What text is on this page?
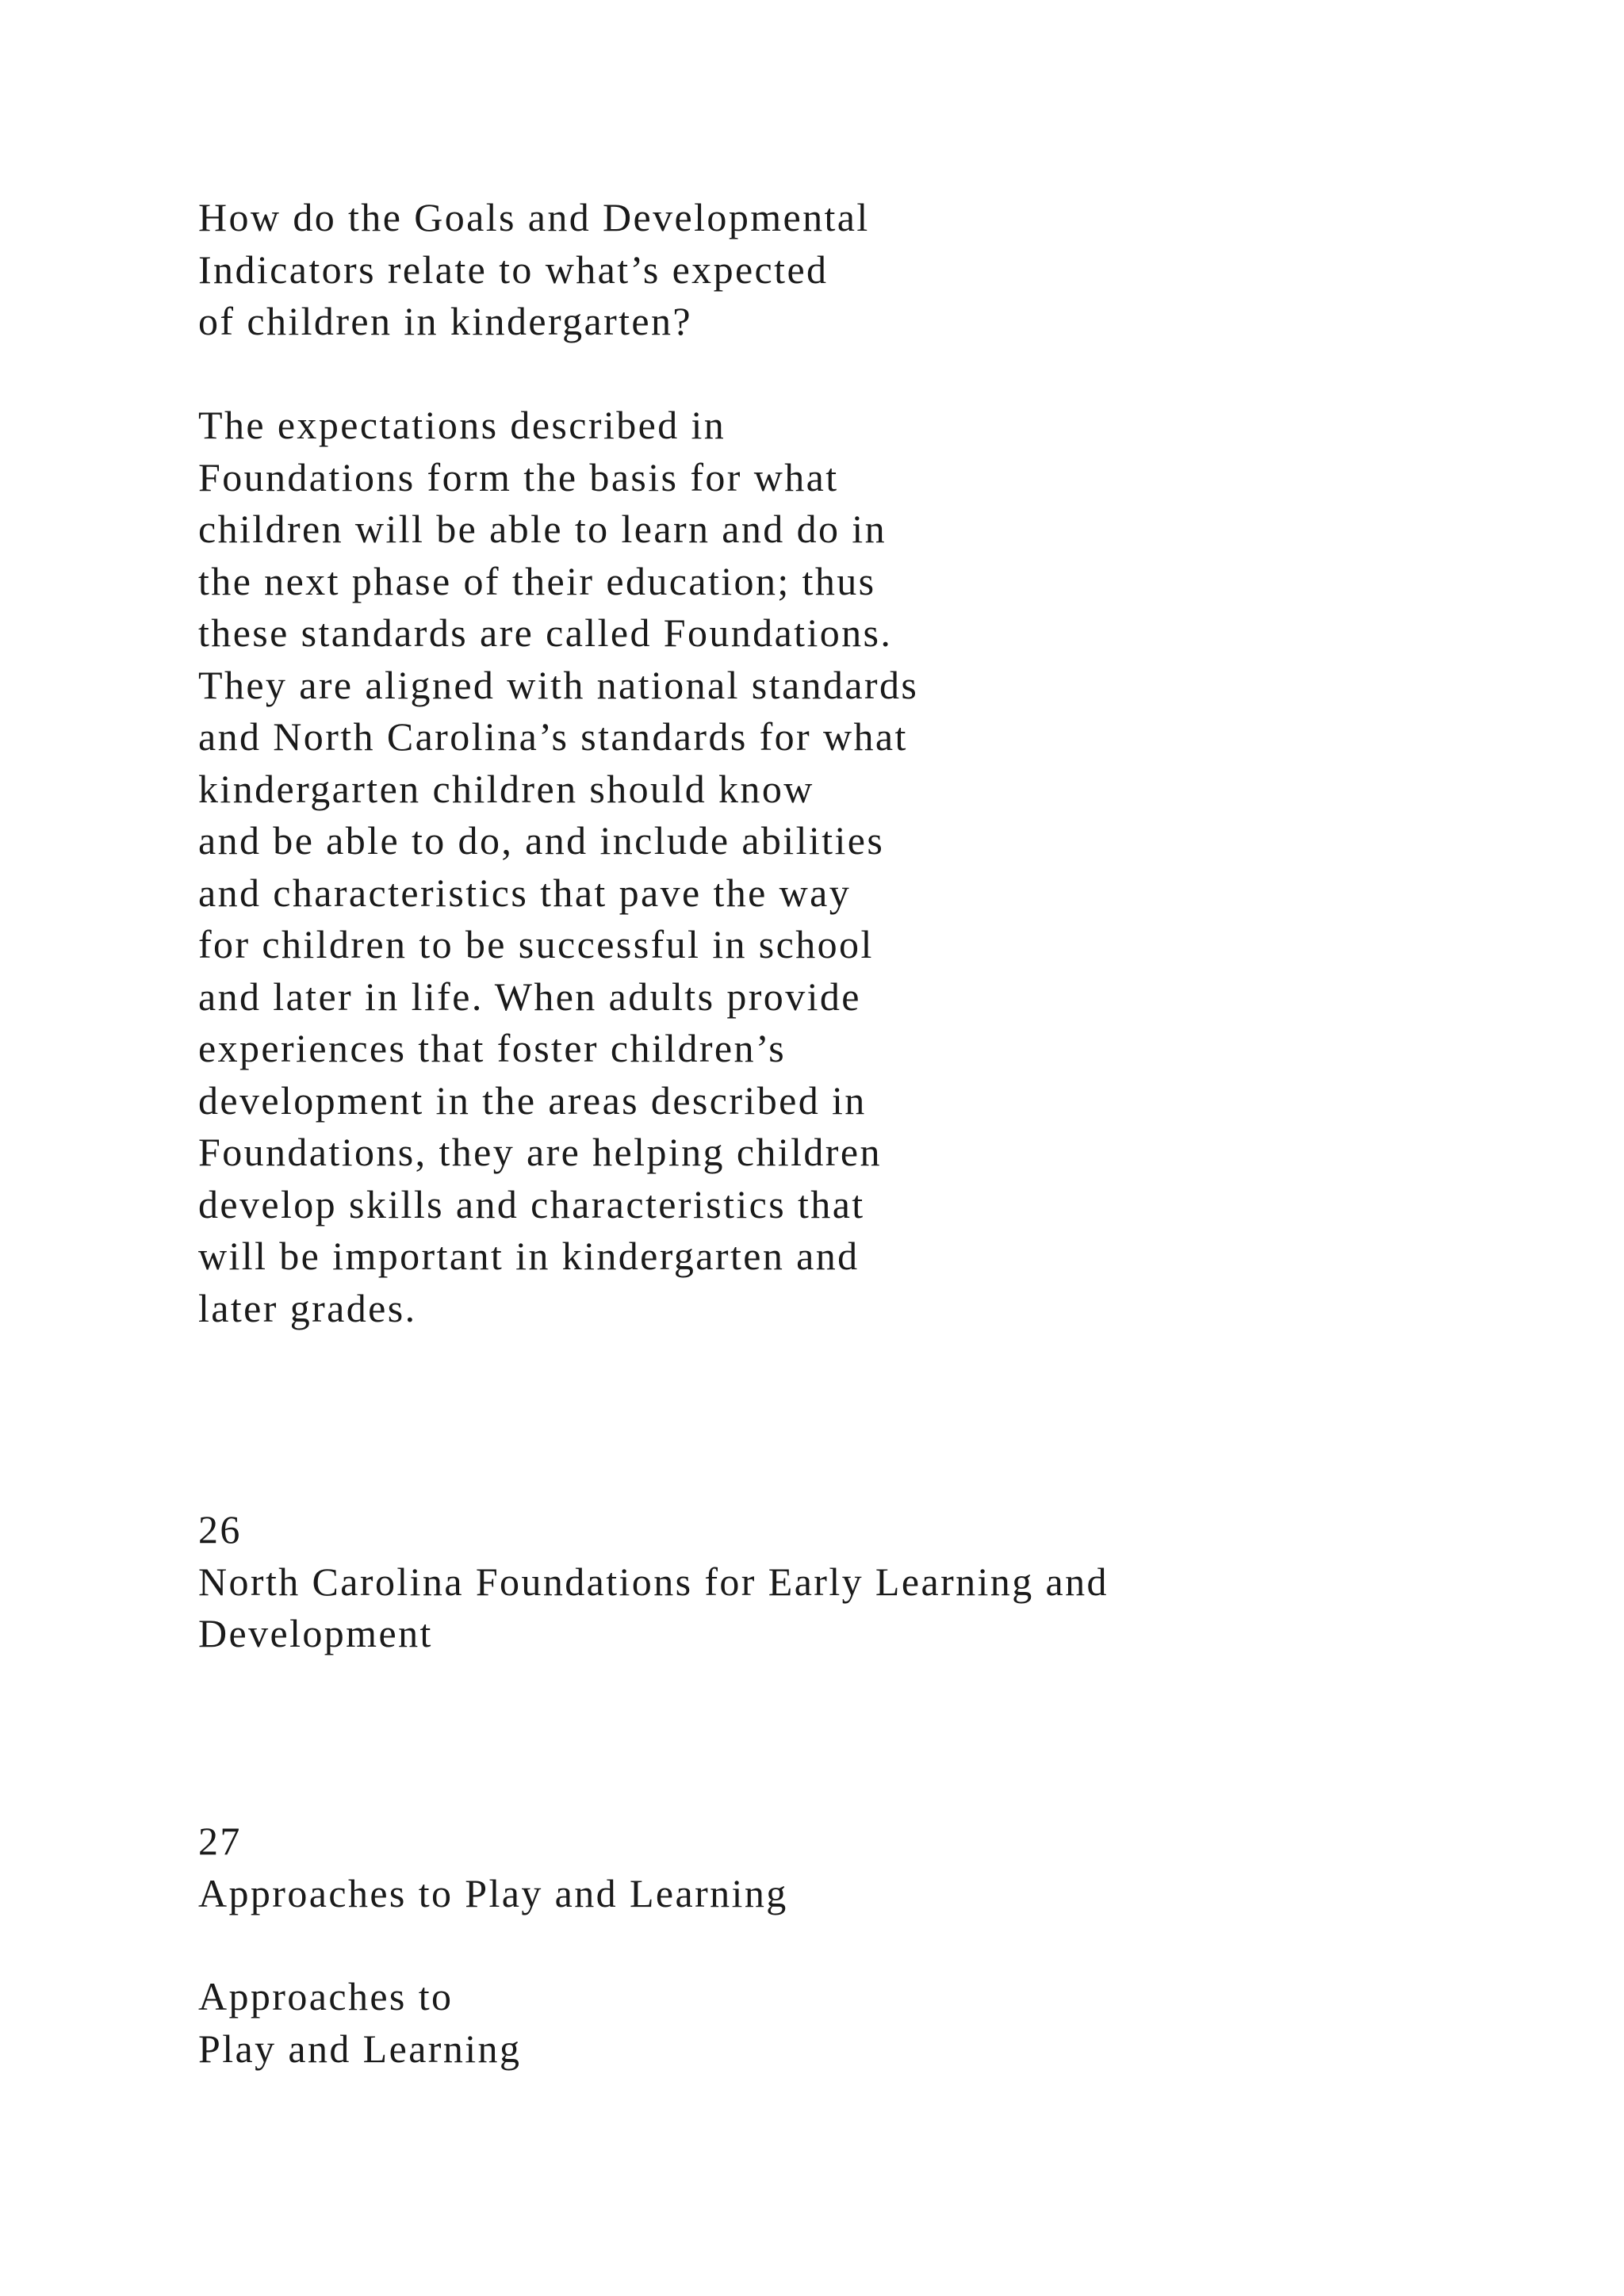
How do the Goals and Developmental
Indicators relate to what’s expected
of children in kindergarten?
The expectations described in
Foundations form the basis for what
children will be able to learn and do in
the next phase of their education; thus
these standards are called Foundations.
They are aligned with national standards
and North Carolina’s standards for what
kindergarten children should know
and be able to do, and include abilities
and characteristics that pave the way
for children to be successful in school
and later in life. When adults provide
experiences that foster children’s
development in the areas described in
Foundations, they are helping children
develop skills and characteristics that
will be important in kindergarten and
later grades.
26
North Carolina Foundations for Early Learning and
Development
27
Approaches to Play and Learning
Approaches to
Play and Learning
